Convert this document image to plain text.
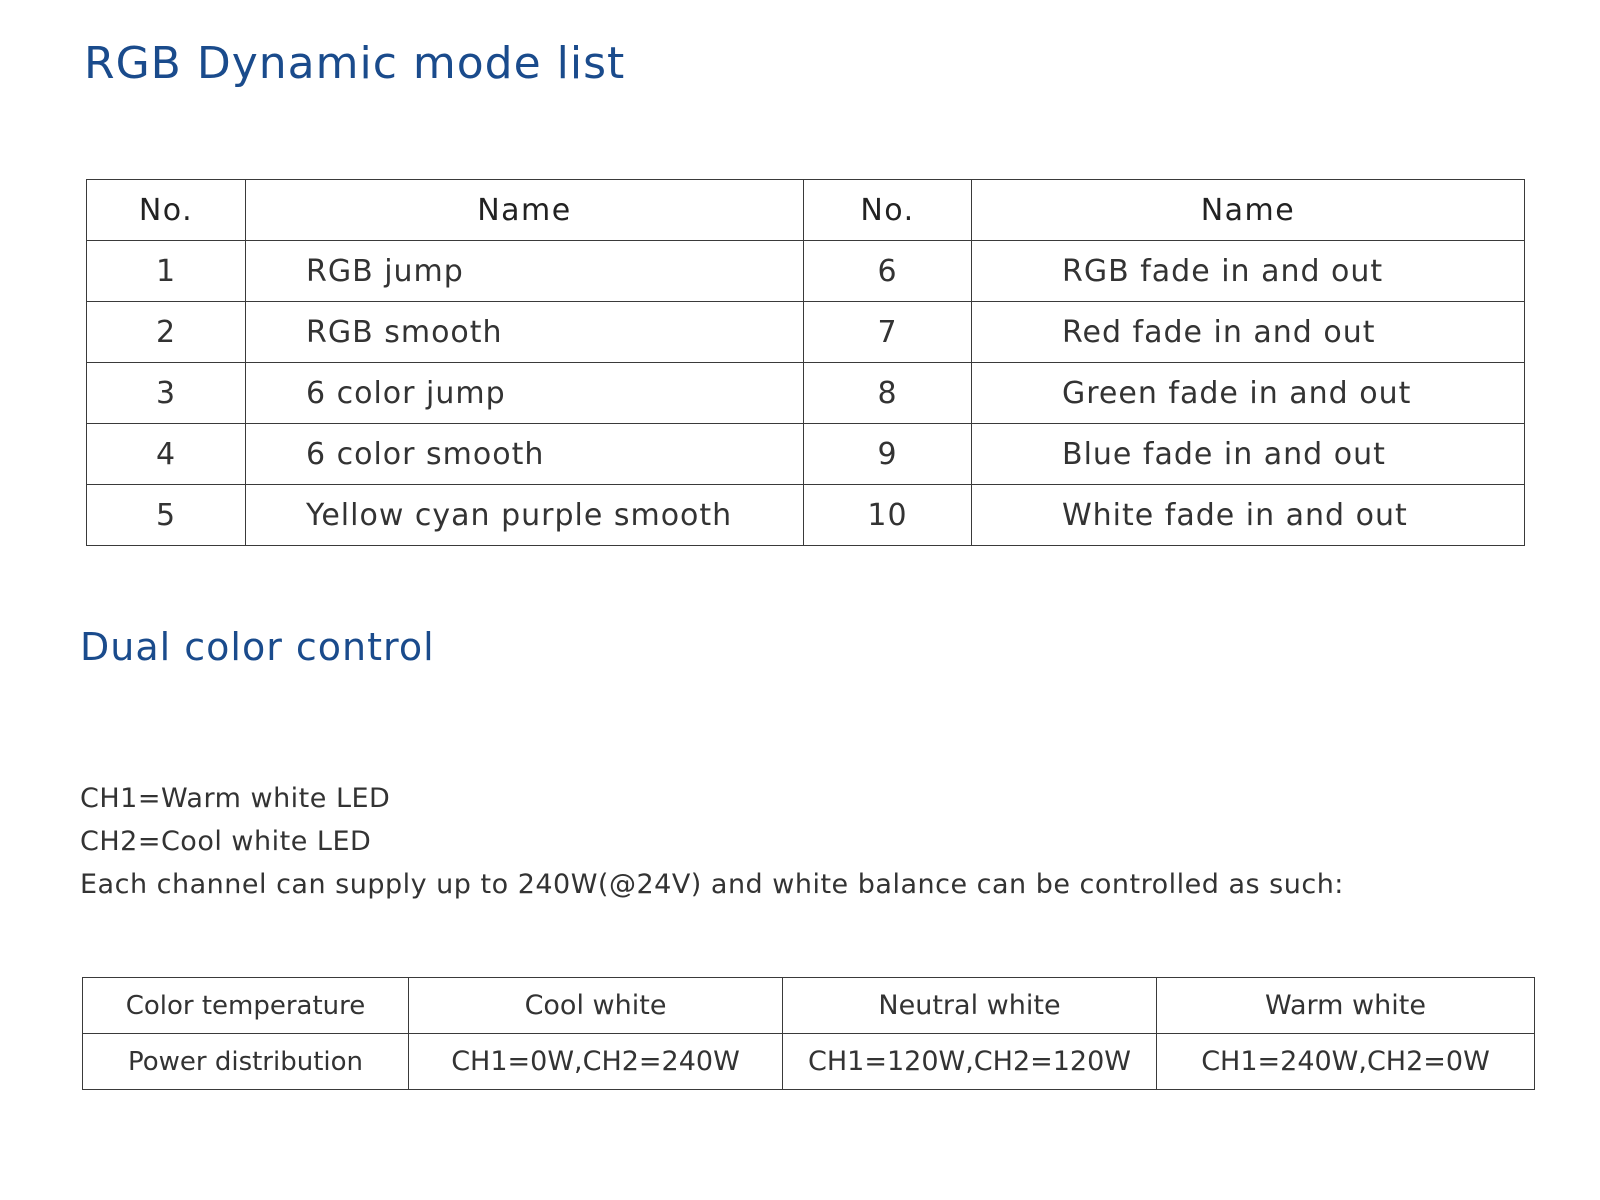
RGB Dynamic mode list
No.	Name	No.	Name
1	RGB jump	6	RGB fade in and out
2	RGB smooth	7	Red fade in and out
3	6 color jump	8	Green fade in and out
4	6 color smooth	9	Blue fade in and out
5	Yellow cyan purple smooth	10	White fade in and out
Dual color control

CH1=Warm white LED

CH2=Cool white LED

Each channel can supply up to 240W(@24V) and white balance can be controlled as such:

Color temperature	Cool white	Neutral white	Warm white
Power distribution	CH1=0W,CH2=240W	CH1=120W,CH2=120W	CH1=240W,CH2=0W
